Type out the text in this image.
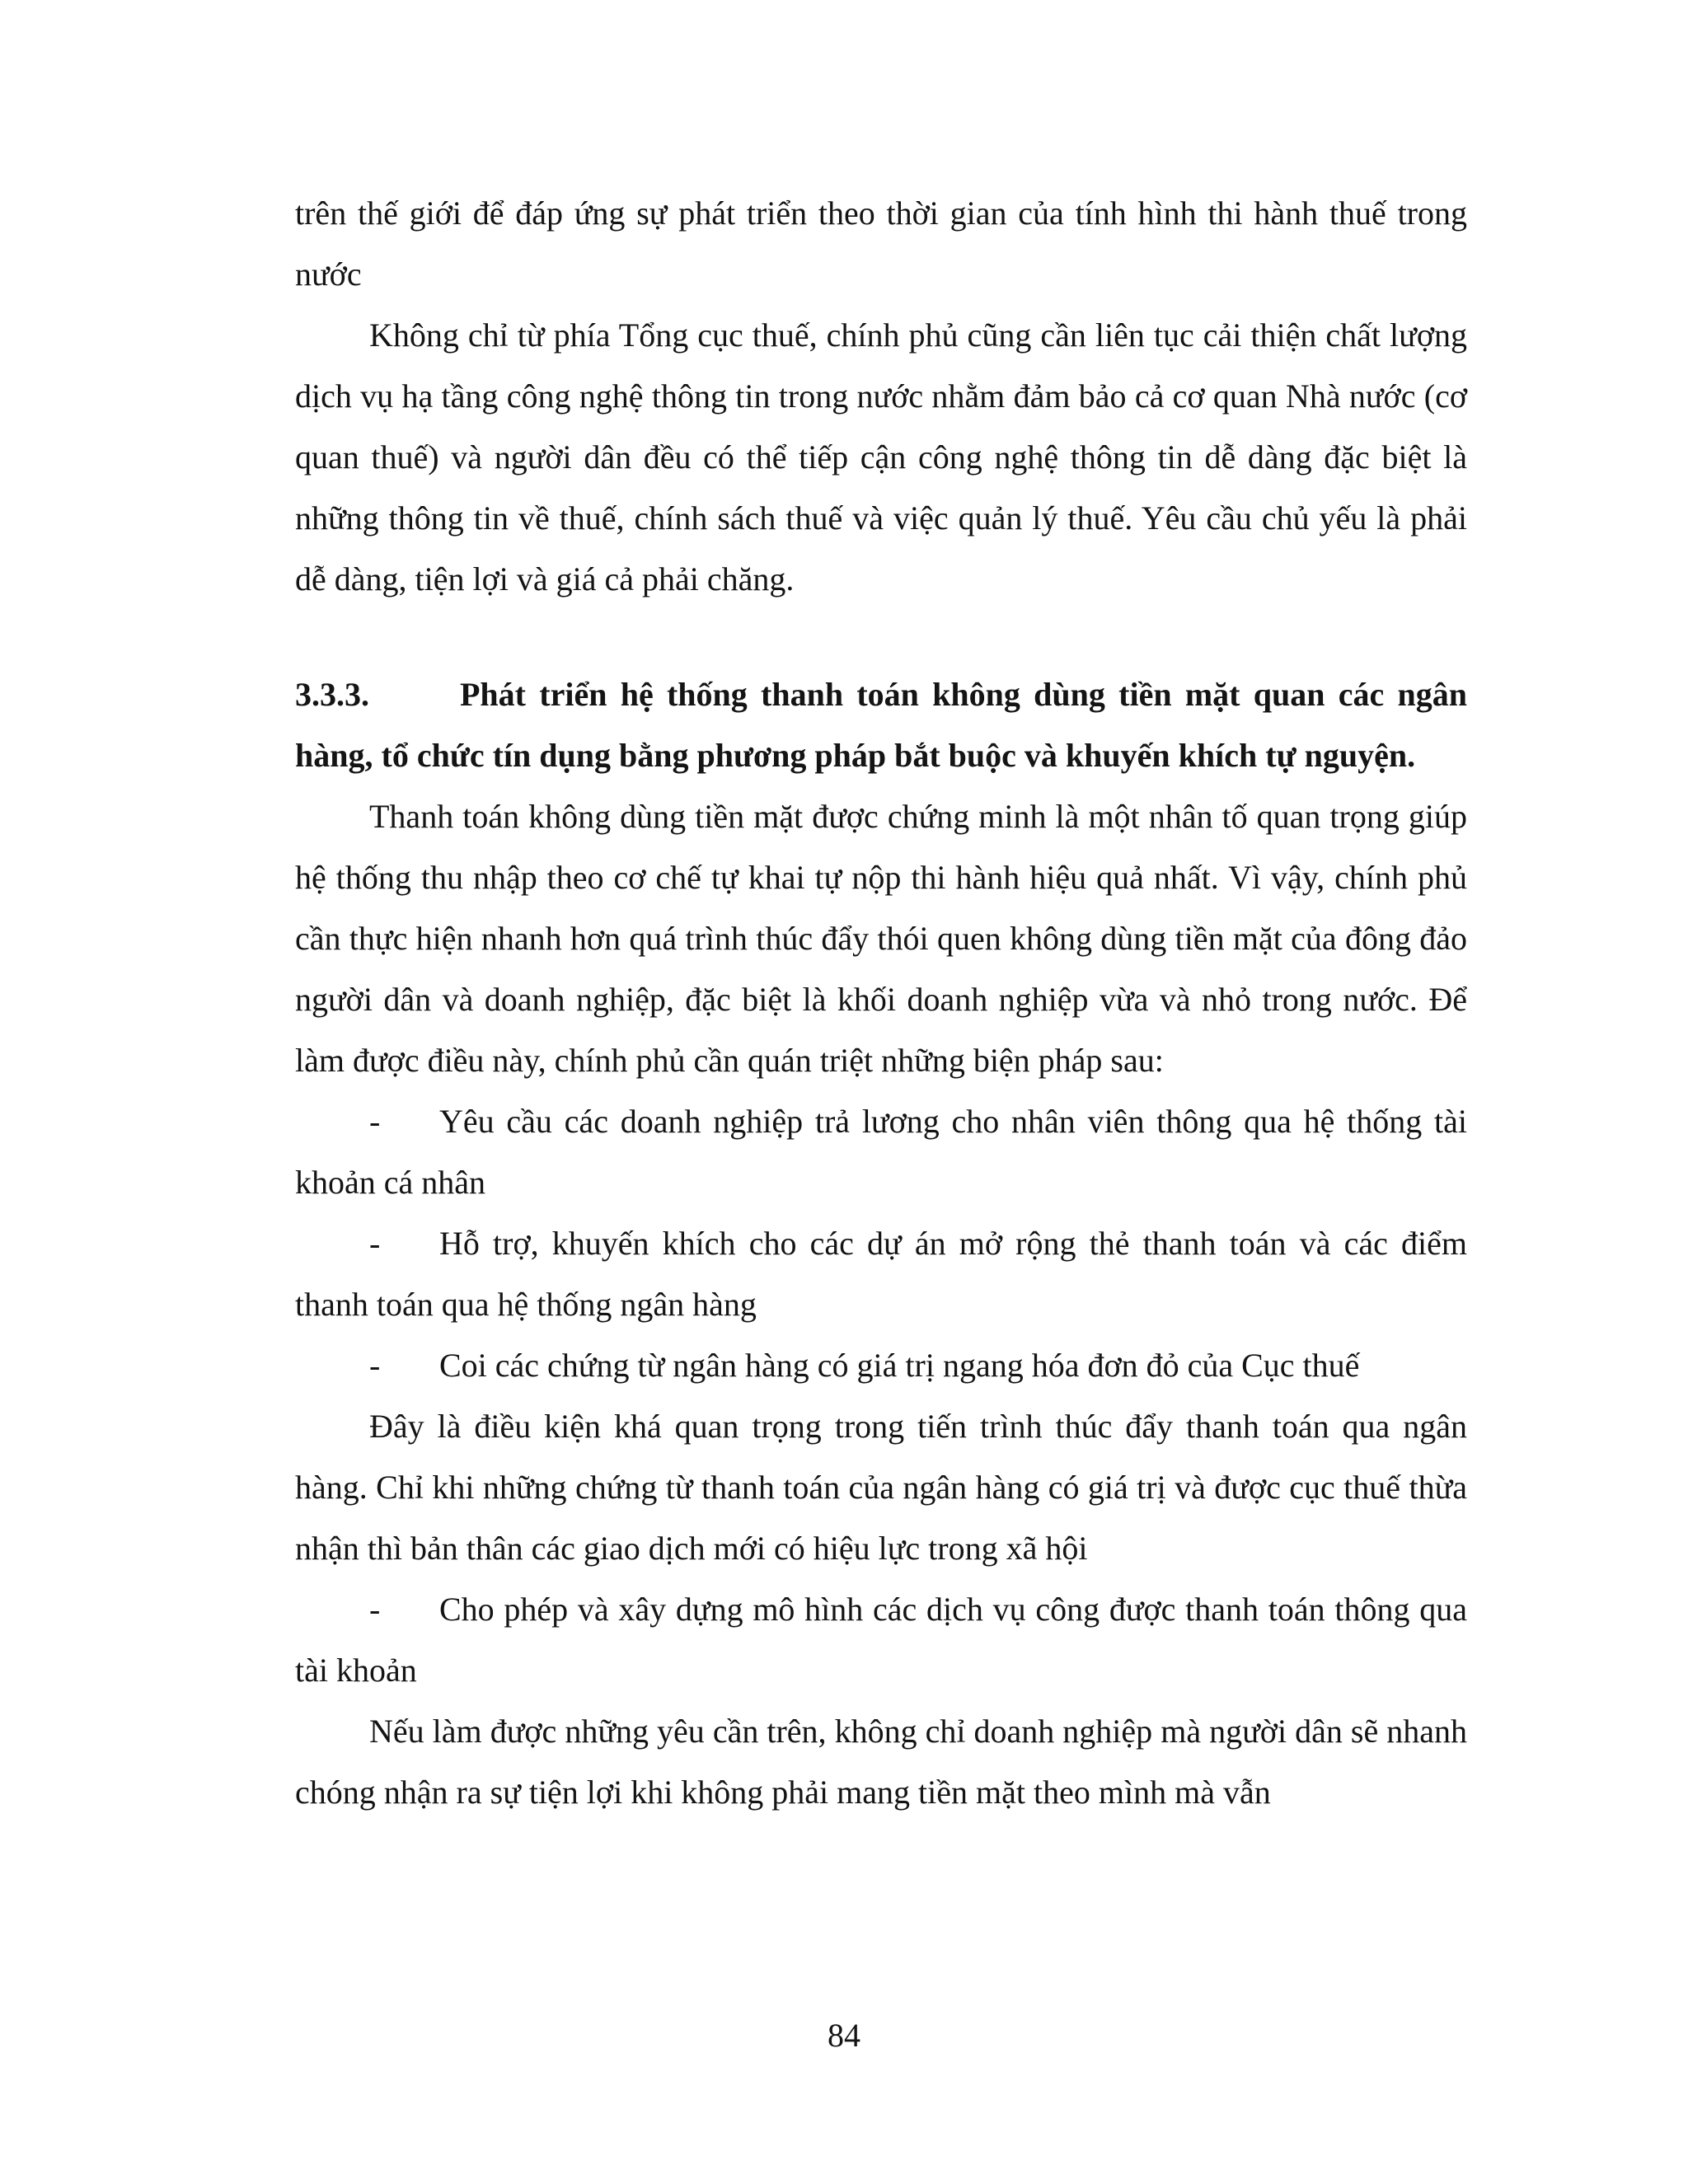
trên thế giới để đáp ứng sự phát triển theo thời gian của tính hình thi hành thuế trong nước

Không chỉ từ phía Tổng cục thuế, chính phủ cũng cần liên tục cải thiện chất lượng dịch vụ hạ tầng công nghệ thông tin trong nước nhằm đảm bảo cả cơ quan Nhà nước (cơ quan thuế) và người dân đều có thể tiếp cận công nghệ thông tin dễ dàng đặc biệt là những thông tin về thuế, chính sách thuế và việc quản lý thuế. Yêu cầu chủ yếu là phải dễ dàng, tiện lợi và giá cả phải chăng.

3.3.3.	Phát triển hệ thống thanh toán không dùng tiền mặt quan các ngân hàng, tổ chức tín dụng bằng phương pháp bắt buộc và khuyến khích tự nguyện.

Thanh toán không dùng tiền mặt được chứng minh là một nhân tố quan trọng giúp hệ thống thu nhập theo cơ chế tự khai tự nộp thi hành hiệu quả nhất. Vì vậy, chính phủ cần thực hiện nhanh hơn quá trình thúc đẩy thói quen không dùng tiền mặt của đông đảo người dân và doanh nghiệp, đặc biệt là khối doanh nghiệp vừa và nhỏ trong nước. Để làm được điều này, chính phủ cần quán triệt những biện pháp sau:

- Yêu cầu các doanh nghiệp trả lương cho nhân viên thông qua hệ thống tài khoản cá nhân

- Hỗ trợ, khuyến khích cho các dự án mở rộng thẻ thanh toán và các điểm thanh toán qua hệ thống ngân hàng

- Coi các chứng từ ngân hàng có giá trị ngang hóa đơn đỏ của Cục thuế

Đây là điều kiện khá quan trọng trong tiến trình thúc đẩy thanh toán qua ngân hàng. Chỉ khi những chứng từ thanh toán của ngân hàng có giá trị và được cục thuế thừa nhận thì bản thân các giao dịch mới có hiệu lực trong xã hội

- Cho phép và xây dựng mô hình các dịch vụ công được thanh toán thông qua tài khoản

Nếu làm được những yêu cần trên, không chỉ doanh nghiệp mà người dân sẽ nhanh chóng nhận ra sự tiện lợi khi không phải mang tiền mặt theo mình mà vẫn

84
